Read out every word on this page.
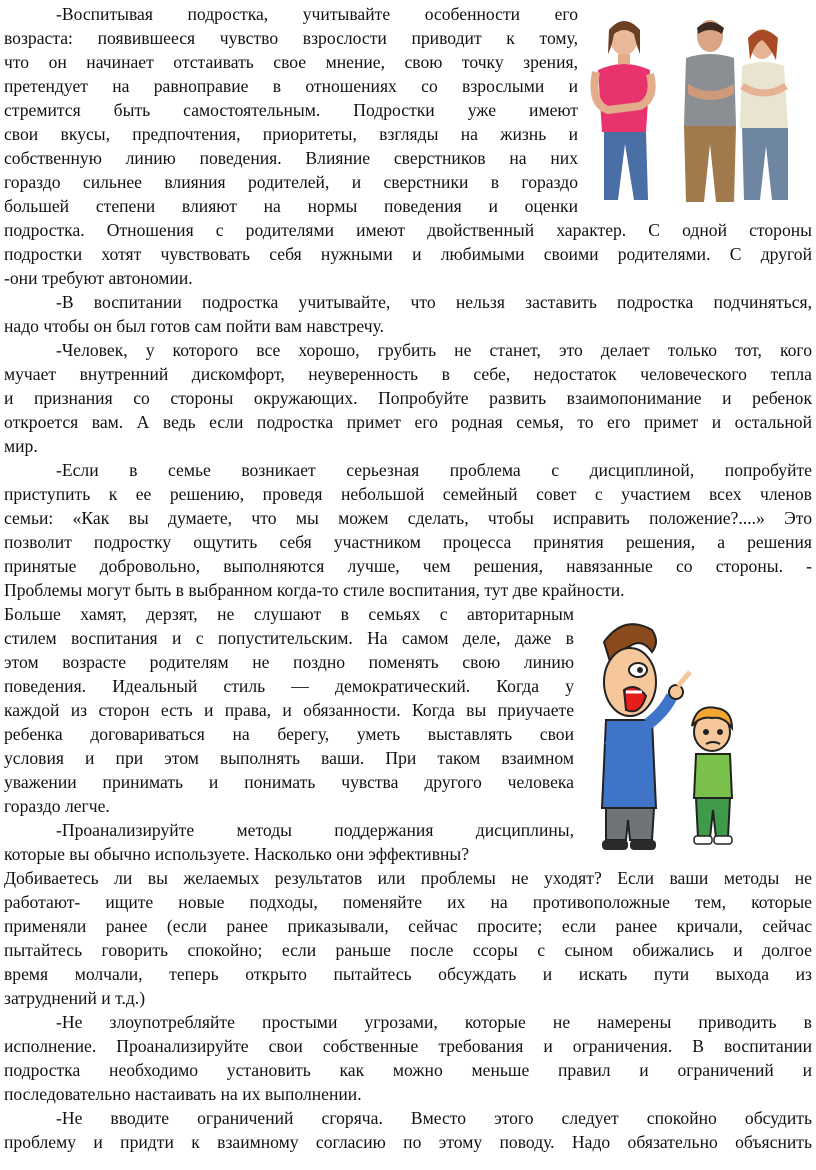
-Воспитывая подростка, учитывайте особенности его
возраста: появившееся чувство взрослости приводит к тому,
что он начинает отстаивать свое мнение, свою точку зрения,
претендует на равноправие в отношениях со взрослыми и
стремится быть самостоятельным. Подростки уже имеют
свои вкусы, предпочтения, приоритеты, взгляды на жизнь и
собственную линию поведения. Влияние сверстников на них
гораздо сильнее влияния родителей, и сверстники в гораздо
большей степени влияют на нормы поведения и оценки
подростка. Отношения с родителями имеют двойственный характер. С одной стороны
подростки хотят чувствовать себя нужными и любимыми своими родителями. С другой
-они требуют автономии.
-В воспитании подростка учитывайте, что нельзя заставить подростка подчиняться,
надо чтобы он был готов сам пойти вам навстречу.
-Человек, у которого все хорошо, грубить не станет, это делает только тот, кого
мучает внутренний дискомфорт, неуверенность в себе, недостаток человеческого тепла
и признания со стороны окружающих. Попробуйте развить взаимопонимание и ребенок
откроется вам. А ведь если подростка примет его родная семья, то его примет и остальной
мир.
-Если в семье возникает серьезная проблема с дисциплиной, попробуйте
приступить к ее решению, проведя небольшой семейный совет с участием всех членов
семьи: «Как вы думаете, что мы можем сделать, чтобы исправить положение?....» Это
позволит подростку ощутить себя участником процесса принятия решения, а решения
принятые добровольно, выполняются лучше, чем решения, навязанные со стороны. -
Проблемы могут быть в выбранном когда-то стиле воспитания, тут две крайности.
Больше хамят, дерзят, не слушают в семьях с авторитарным
стилем воспитания и с попустительским. На самом деле, даже в
этом возрасте родителям не поздно поменять свою линию
поведения. Идеальный стиль — демократический. Когда у
каждой из сторон есть и права, и обязанности. Когда вы приучаете
ребенка договариваться на берегу, уметь выставлять свои
условия и при этом выполнять ваши. При таком взаимном
уважении принимать и понимать чувства другого человека
гораздо легче.
-Проанализируйте методы поддержания дисциплины,
которые вы обычно используете. Насколько они эффективны?
Добиваетесь ли вы желаемых результатов или проблемы не уходят? Если ваши методы не
работают- ищите новые подходы, поменяйте их на противоположные тем, которые
применяли ранее (если ранее приказывали, сейчас просите; если ранее кричали, сейчас
пытайтесь говорить спокойно; если раньше после ссоры с сыном обижались и долгое
время молчали, теперь открыто пытайтесь обсуждать и искать пути выхода из
затруднений и т.д.)
-Не злоупотребляйте простыми угрозами, которые не намерены приводить в
исполнение. Проанализируйте свои собственные требования и ограничения. В воспитании
подростка необходимо установить как можно меньше правил и ограничений и
последовательно настаивать на их выполнении.
-Не вводите ограничений сгоряча. Вместо этого следует спокойно обсудить
проблему и придти к взаимному согласию по этому поводу. Надо обязательно объяснить
